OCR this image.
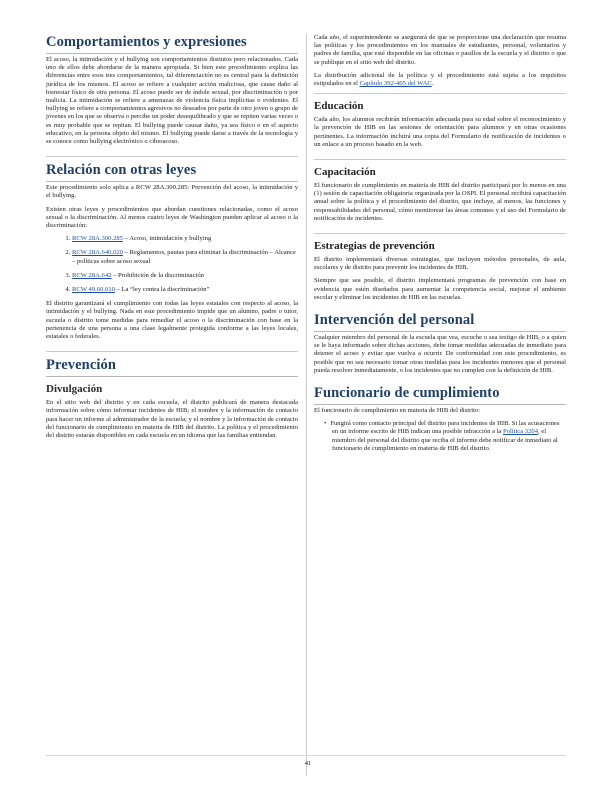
Comportamientos y expresiones

El acoso, la intimidación y el bullying son comportamientos distintos pero relacionados. Cada uno de ellos debe abordarse de la manera apropiada. Si bien este procedimiento explica las diferencias entre esos tres comportamientos, tal diferenciación no es central para la definición jurídica de los mismos. El acoso se refiere a cualquier acción maliciosa, que cause daño al bienestar físico de otra persona. El acoso puede ser de índole sexual, por discriminación o por malicia. La intimidación se refiere a amenazas de violencia física implícitas o evidentes. El bullying se refiere a comportamientos agresivos no deseados por parte de otro joven o grupo de jóvenes en los que se observa o percibe un poder desequilibrado y que se repiten varias veces o es muy probable que se repitan. El bullying puede causar daño, ya sea físico o en el aspecto educativo, en la persona objeto del mismo. El bullying puede darse a través de la tecnología y se conoce como bullying electrónico o ciberacoso.

Relación con otras leyes

Este procedimiento solo aplica a RCW 28A.300.285: Prevención del acoso, la intimidación y el bullying.

Existen otras leyes y procedimientos que abordan cuestiones relacionadas, como el acoso sexual o la discriminación. Al menos cuatro leyes de Washington pueden aplicar al acoso o la discriminación:

1. RCW 28A.300.285 – Acoso, intimidación y bullying
2. RCW 28A.640.020 – Reglamentos, pautas para eliminar la discriminación – Alcance – políticas sobre acoso sexual
3. RCW 28A.642 – Prohibición de la discriminación
4. RCW 49.60.010 – La “ley contra la discriminación”

El distrito garantizará el cumplimiento con todas las leyes estatales con respecto al acoso, la intimidación y el bullying. Nada en este procedimiento impide que un alumno, padre o tutor, escuela o distrito tome medidas para remediar el acoso o la discriminación con base en la pertenencia de una persona a una clase legalmente protegida conforme a las leyes locales, estatales o federales.

Prevención
Divulgación

En el sitio web del distrito y en cada escuela, el distrito publicará de manera destacada información sobre cómo informar incidentes de HIB; el nombre y la información de contacto para hacer un informe al administrador de la escuela; y el nombre y la información de contacto del funcionario de cumplimiento en materia de HIB del distrito. La política y el procedimiento del distrito estarán disponibles en cada escuela en un idioma que las familias entiendan.

Cada año, el superintendente se asegurará de que se proporcione una declaración que resuma las políticas y los procedimientos en los manuales de estudiantes, personal, voluntarios y padres de familia, que esté disponible en las oficinas o pasillos de la escuela y el distrito o que se publique en el sitio web del distrito.

La distribución adicional de la política y el procedimiento está sujeta a los requisitos estipulados en el Capítulo 392-405 del WAC.

Educación

Cada año, los alumnos recibirán información adecuada para su edad sobre el reconocimiento y la prevención de HIB en las sesiones de orientación para alumnos y en otras ocasiones pertinentes. La información incluirá una copia del Formulario de notificación de incidentes o un enlace a un proceso basado en la web.

Capacitación

El funcionario de cumplimiento en materia de HIB del distrito participará por lo menos en una (1) sesión de capacitación obligatoria organizada por la OSPI. El personal recibirá capacitación anual sobre la política y el procedimiento del distrito, que incluye, al menos, las funciones y responsabilidades del personal, cómo monitorear las áreas comunes y el uso del Formulario de notificación de incidentes.

Estrategias de prevención

El distrito implementará diversas estrategias, que incluyen métodos personales, de aula, escolares y de distrito para prevenir los incidentes de HIB.

Siempre que sea posible, el distrito implementará programas de prevención con base en evidencia que estén diseñados para aumentar la competencia social, mejorar el ambiente escolar y eliminar los incidentes de HIB en las escuelas.

Intervención del personal

Cualquier miembro del personal de la escuela que vea, escuche o sea testigo de HIB, o a quien se le haya informado sobre dichas acciones, debe tomar medidas adecuadas de inmediato para detener el acoso y evitar que vuelva a ocurrir. De conformidad con este procedimiento, es posible que no sea necesario tomar otras medidas para los incidentes menores que el personal pueda resolver inmediatamente, o los incidentes que no cumplen con la definición de HIB.

Funcionario de cumplimiento

El funcionario de cumplimiento en materia de HIB del distrito:

• Fungirá como contacto principal del distrito para incidentes de HIB. Si las acusaciones en un informe escrito de HIB indican una posible infracción a la Política 3204, el miembro del personal del distrito que reciba el informe debe notificar de inmediato al funcionario de cumplimiento en materia de HIB del distrito.
41
